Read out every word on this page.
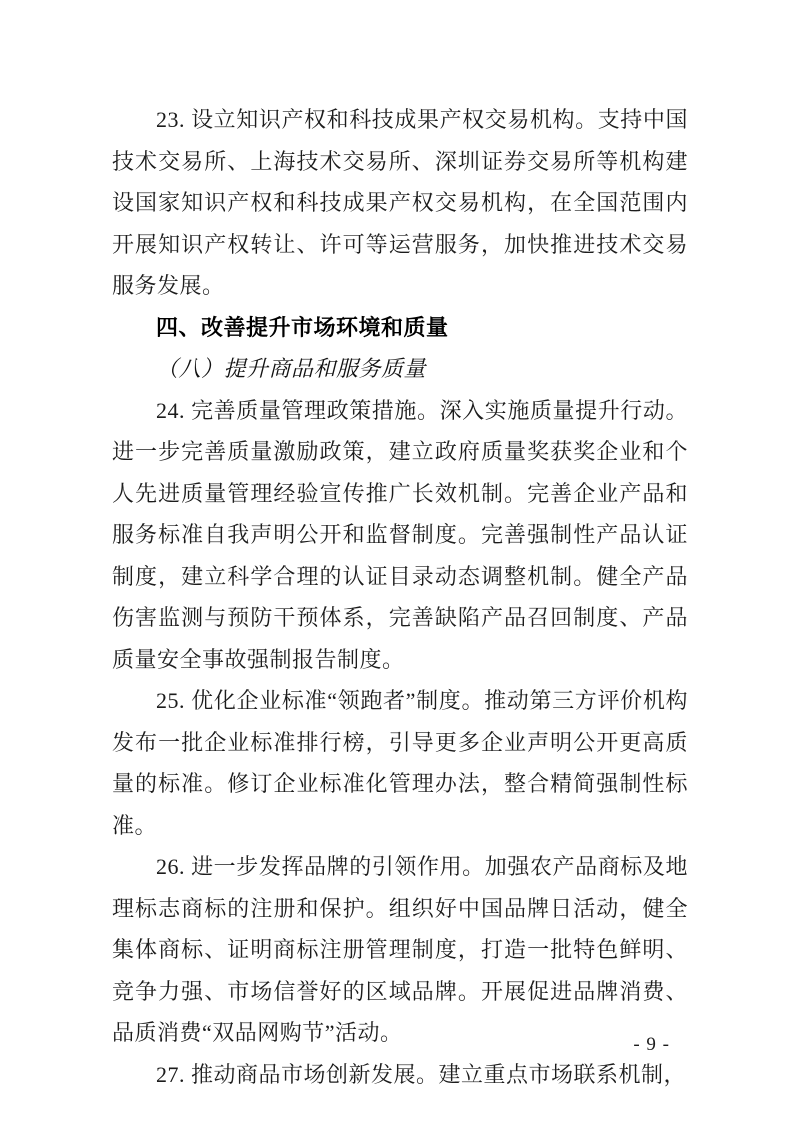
23. 设立知识产权和科技成果产权交易机构。支持中国技术交易所、上海技术交易所、深圳证券交易所等机构建设国家知识产权和科技成果产权交易机构，在全国范围内开展知识产权转让、许可等运营服务，加快推进技术交易服务发展。

四、改善提升市场环境和质量
（八）提升商品和服务质量

24. 完善质量管理政策措施。深入实施质量提升行动。进一步完善质量激励政策，建立政府质量奖获奖企业和个人先进质量管理经验宣传推广长效机制。完善企业产品和服务标准自我声明公开和监督制度。完善强制性产品认证制度，建立科学合理的认证目录动态调整机制。健全产品伤害监测与预防干预体系，完善缺陷产品召回制度、产品质量安全事故强制报告制度。

25. 优化企业标准“领跑者”制度。推动第三方评价机构发布一批企业标准排行榜，引导更多企业声明公开更高质量的标准。修订企业标准化管理办法，整合精简强制性标准。

26. 进一步发挥品牌的引领作用。加强农产品商标及地理标志商标的注册和保护。组织好中国品牌日活动，健全集体商标、证明商标注册管理制度，打造一批特色鲜明、竞争力强、市场信誉好的区域品牌。开展促进品牌消费、品质消费“双品网购节”活动。

27. 推动商品市场创新发展。建立重点市场联系机制，

- 9 -
